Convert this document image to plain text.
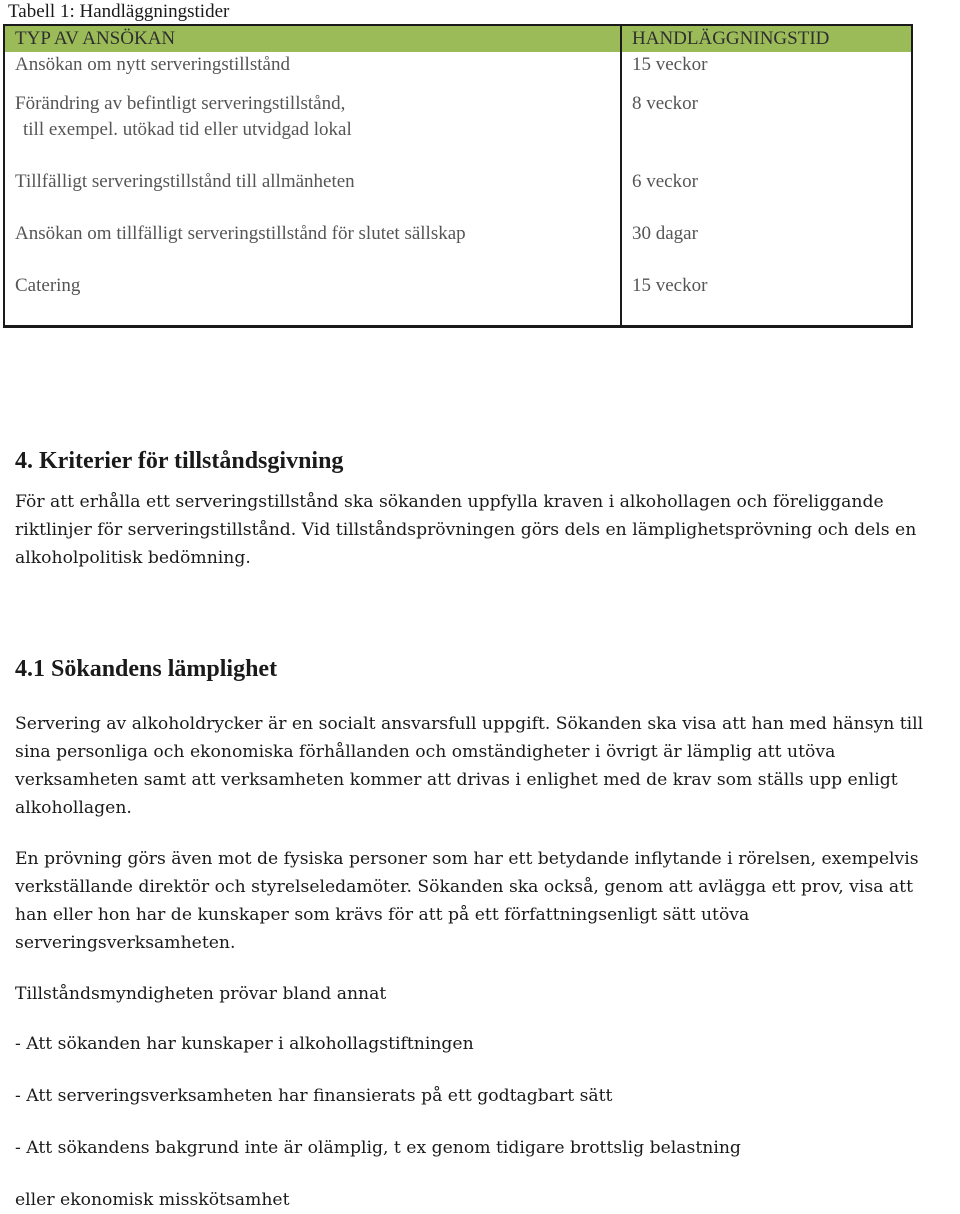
Tabell 1: Handläggningstider
TYP AV ANSÖKAN	HANDLÄGGNINGSTID
Ansökan om nytt serveringstillstånd	15 veckor

Förändring av befintligt serveringstillstånd,
till exempel. utökad tid eller utvidgad lokal	8 veckor
Tillfälligt serveringstillstånd till allmänheten	6 veckor
Ansökan om tillfälligt serveringstillstånd för slutet sällskap	30 dagar
Catering	15 veckor
4. Kriterier för tillståndsgivning

För att erhålla ett serveringstillstånd ska sökanden uppfylla kraven i alkohollagen och föreliggande riktlinjer för serveringstillstånd. Vid tillståndsprövningen görs dels en lämplighetsprövning och dels en alkoholpolitisk bedömning.

4.1 Sökandens lämplighet

Servering av alkoholdrycker är en socialt ansvarsfull uppgift. Sökanden ska visa att han med hänsyn till sina personliga och ekonomiska förhållanden och omständigheter i övrigt är lämplig att utöva verksamheten samt att verksamheten kommer att drivas i enlighet med de krav som ställs upp enligt alkohollagen.

En prövning görs även mot de fysiska personer som har ett betydande inflytande i rörelsen, exempelvis verkställande direktör och styrelseledamöter. Sökanden ska också, genom att avlägga ett prov, visa att han eller hon har de kunskaper som krävs för att på ett författningsenligt sätt utöva serveringsverksamheten.

Tillståndsmyndigheten prövar bland annat

- Att sökanden har kunskaper i alkohollagstiftningen

- Att serveringsverksamheten har finansierats på ett godtagbart sätt

- Att sökandens bakgrund inte är olämplig, t ex genom tidigare brottslig belastning

eller ekonomisk misskötsamhet
